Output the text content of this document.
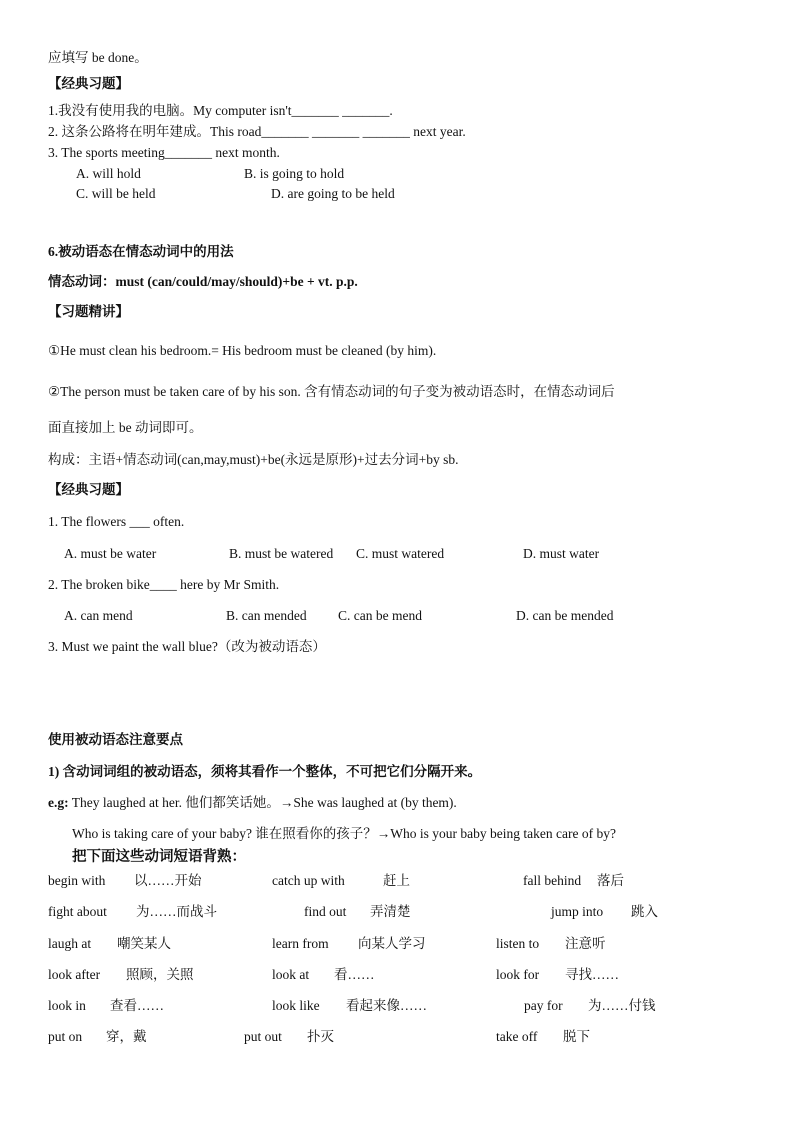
应填写 be done。
【经典习题】
1.我没有使用我的电脑。My computer isn't_______ _______.
2. 这条公路将在明年建成。This road_______ _______ _______ next year.
3. The sports meeting_______ next month.
A. will hold	B. is going to hold
C. will be held	D. are going to be held
6.被动语态在情态动词中的用法
情态动词：must (can/could/may/should)+be + vt. p.p.
【习题精讲】
①He must clean his bedroom.= His bedroom must be cleaned (by him).
②The person must be taken care of by his son. 含有情态动词的句子变为被动语态时，在情态动词后
面直接加上 be 动词即可。
构成：主语+情态动词(can,may,must)+be(永远是原形)+过去分词+by sb.
【经典习题】
1. The flowers ___ often.
A. must be water	B. must be watered C. must watered	D. must water
2. The broken bike____ here by Mr Smith.
A. can mend	B. can mended C. can be mend	D. can be mended
3. Must we paint the wall blue?（改为被动语态）
使用被动语态注意要点
1) 含动词词组的被动语态，须将其看作一个整体，不可把它们分隔开来。
e.g: They laughed at her. 他们都笑话她。→She was laughed at (by them).
Who is taking care of your baby? 谁在照看你的孩子？→Who is your baby being taken care of by?
把下面这些动词短语背熟：
begin with 以……开始	catch up with	赶上	fall behind 落后
fight about 为……而战斗	find out 弄清楚	jump into 跳入
laugh at 嘲笑某人	learn from 向某人学习	listen to 注意听
look after 照顾，关照	look at 看……	look for 寻找……
look in 查看……	look like 看起来像……	pay for 为……付钱
put on 穿，戴	put out 扑灭	take off 脱下
